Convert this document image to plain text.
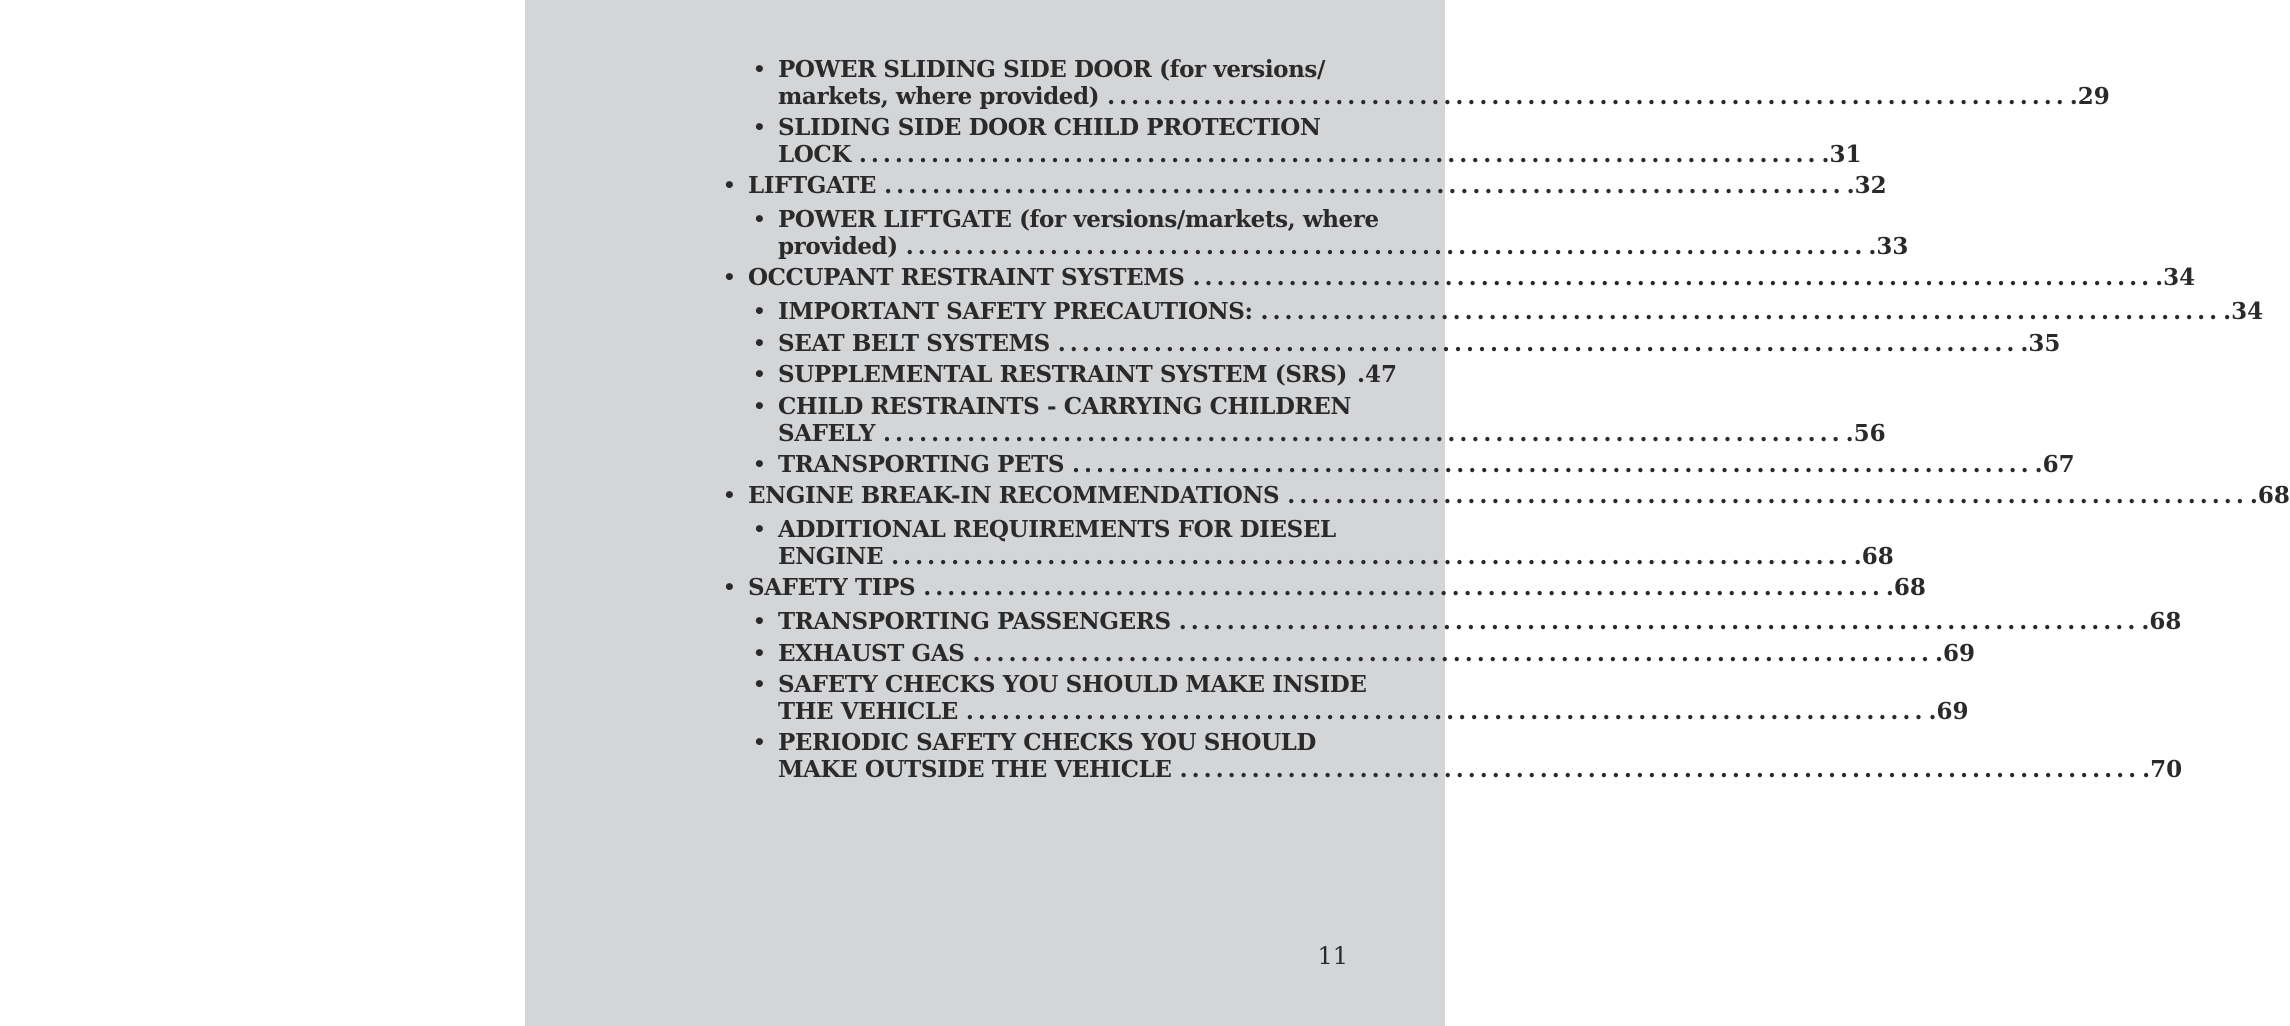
• POWER SLIDING SIDE DOOR (for versions/
markets, where provided) ................................................................................ .29
• SLIDING SIDE DOOR CHILD PROTECTION
LOCK ................................................................................ .31
• LIFTGATE ................................................................................ .32
• POWER LIFTGATE (for versions/markets, where
provided) ................................................................................ .33
• OCCUPANT RESTRAINT SYSTEMS ................................................................................ .34
• IMPORTANT SAFETY PRECAUTIONS: ................................................................................ .34
• SEAT BELT SYSTEMS ................................................................................ .35
• SUPPLEMENTAL RESTRAINT SYSTEM (SRS) .47
• CHILD RESTRAINTS - CARRYING CHILDREN
SAFELY ................................................................................ .56
• TRANSPORTING PETS ................................................................................ .67
• ENGINE BREAK-IN RECOMMENDATIONS ................................................................................ .68
• ADDITIONAL REQUIREMENTS FOR DIESEL
ENGINE ................................................................................ .68
• SAFETY TIPS ................................................................................ .68
• TRANSPORTING PASSENGERS ................................................................................ .68
• EXHAUST GAS ................................................................................ .69
• SAFETY CHECKS YOU SHOULD MAKE INSIDE
THE VEHICLE ................................................................................ .69
• PERIODIC SAFETY CHECKS YOU SHOULD
MAKE OUTSIDE THE VEHICLE ................................................................................ .70
11
